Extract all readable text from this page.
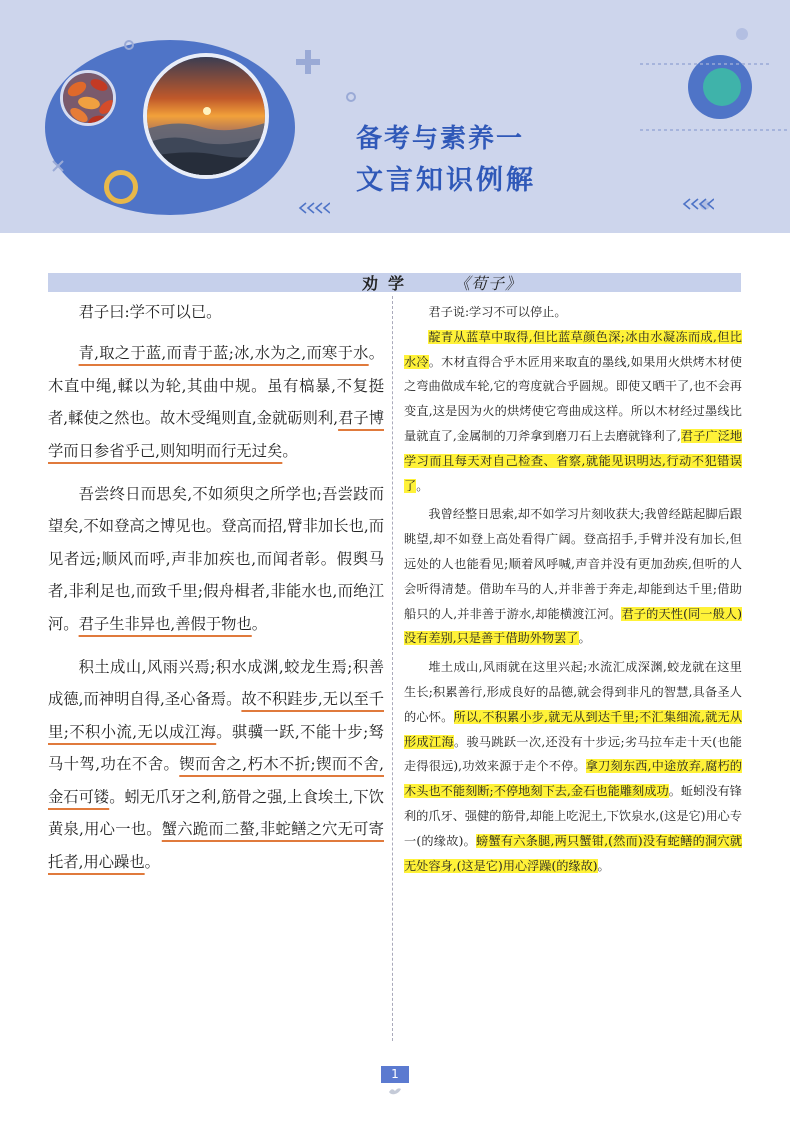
备考与素养一
文言知识例解
劝学 《荀子》

君子曰:学不可以已。

青,取之于蓝,而青于蓝;冰,水为之,而寒于水。木直中绳,輮以为轮,其曲中规。虽有槁暴,不复挺者,輮使之然也。故木受绳则直,金就砺则利,君子博学而日参省乎己,则知明而行无过矣。

吾尝终日而思矣,不如须臾之所学也;吾尝跂而望矣,不如登高之博见也。登高而招,臂非加长也,而见者远;顺风而呼,声非加疾也,而闻者彰。假舆马者,非利足也,而致千里;假舟楫者,非能水也,而绝江河。君子生非异也,善假于物也。

积土成山,风雨兴焉;积水成渊,蛟龙生焉;积善成德,而神明自得,圣心备焉。故不积跬步,无以至千里;不积小流,无以成江海。骐骥一跃,不能十步;驽马十驾,功在不舍。锲而舍之,朽木不折;锲而不舍,金石可镂。蚓无爪牙之利,筋骨之强,上食埃土,下饮黄泉,用心一也。蟹六跪而二螯,非蛇鳝之穴无可寄托者,用心躁也。

君子说:学习不可以停止。

靛青从蓝草中取得,但比蓝草颜色深;冰由水凝冻而成,但比水冷。木材直得合乎木匠用来取直的墨线,如果用火烘烤木材使之弯曲做成车轮,它的弯度就合乎圆规。即使又晒干了,也不会再变直,这是因为火的烘烤使它弯曲成这样。所以木材经过墨线比量就直了,金属制的刀斧拿到磨刀石上去磨就锋利了,君子广泛地学习而且每天对自己检查、省察,就能见识明达,行动不犯错误了。

我曾经整日思索,却不如学习片刻收获大;我曾经踮起脚后跟眺望,却不如登上高处看得广阔。登高招手,手臂并没有加长,但远处的人也能看见;顺着风呼喊,声音并没有更加劲疾,但听的人会听得清楚。借助车马的人,并非善于奔走,却能到达千里;借助船只的人,并非善于游水,却能横渡江河。君子的天性(同一般人)没有差别,只是善于借助外物罢了。

堆土成山,风雨就在这里兴起;水流汇成深渊,蛟龙就在这里生长;积累善行,形成良好的品德,就会得到非凡的智慧,具备圣人的心怀。所以,不积累小步,就无从到达千里;不汇集细流,就无从形成江海。骏马跳跃一次,还没有十步远;劣马拉车走十天(也能走得很远),功效来源于走个不停。拿刀刻东西,中途放弃,腐朽的木头也不能刻断;不停地刻下去,金石也能雕刻成功。蚯蚓没有锋利的爪牙、强健的筋骨,却能上吃泥土,下饮泉水,(这是它)用心专一(的缘故)。螃蟹有六条腿,两只蟹钳,(然而)没有蛇鳝的洞穴就无处容身,(这是它)用心浮躁(的缘故)。

1
